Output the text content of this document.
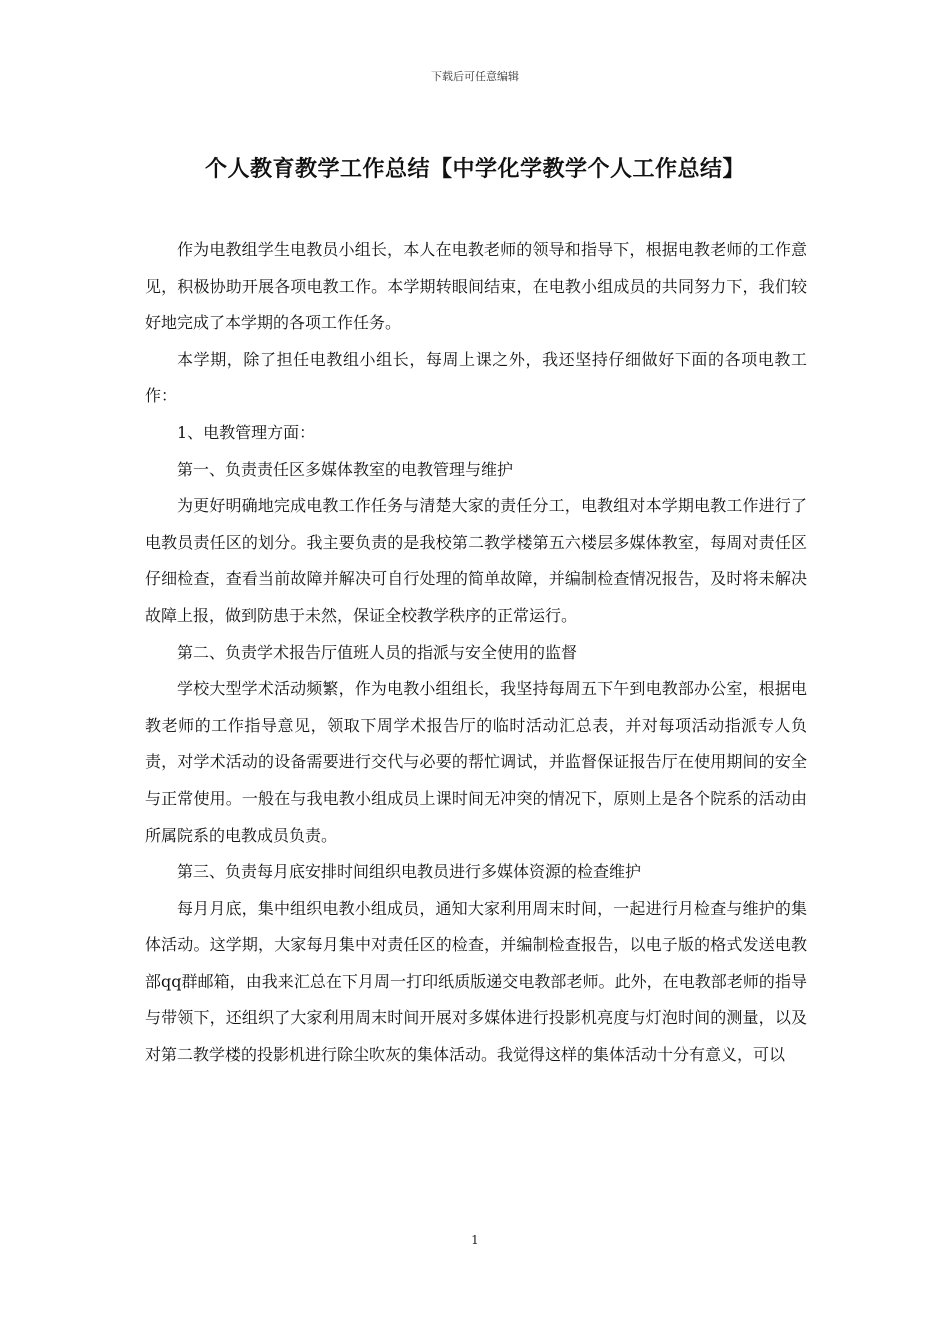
下载后可任意编辑
个人教育教学工作总结【中学化学教学个人工作总结】

作为电教组学生电教员小组长，本人在电教老师的领导和指导下，根据电教老师的工作意见，积极协助开展各项电教工作。本学期转眼间结束，在电教小组成员的共同努力下，我们较好地完成了本学期的各项工作任务。

本学期，除了担任电教组小组长，每周上课之外，我还坚持仔细做好下面的各项电教工作：

1、电教管理方面：

第一、负责责任区多媒体教室的电教管理与维护

为更好明确地完成电教工作任务与清楚大家的责任分工，电教组对本学期电教工作进行了电教员责任区的划分。我主要负责的是我校第二教学楼第五六楼层多媒体教室，每周对责任区仔细检查，查看当前故障并解决可自行处理的简单故障，并编制检查情况报告，及时将未解决故障上报，做到防患于未然，保证全校教学秩序的正常运行。

第二、负责学术报告厅值班人员的指派与安全使用的监督

学校大型学术活动频繁，作为电教小组组长，我坚持每周五下午到电教部办公室，根据电教老师的工作指导意见，领取下周学术报告厅的临时活动汇总表，并对每项活动指派专人负责，对学术活动的设备需要进行交代与必要的帮忙调试，并监督保证报告厅在使用期间的安全与正常使用。一般在与我电教小组成员上课时间无冲突的情况下，原则上是各个院系的活动由所属院系的电教成员负责。

第三、负责每月底安排时间组织电教员进行多媒体资源的检查维护

每月月底，集中组织电教小组成员，通知大家利用周末时间，一起进行月检查与维护的集体活动。这学期，大家每月集中对责任区的检查，并编制检查报告，以电子版的格式发送电教部qq群邮箱，由我来汇总在下月周一打印纸质版递交电教部老师。此外，在电教部老师的指导与带领下，还组织了大家利用周末时间开展对多媒体进行投影机亮度与灯泡时间的测量，以及对第二教学楼的投影机进行除尘吹灰的集体活动。我觉得这样的集体活动十分有意义，可以

1
